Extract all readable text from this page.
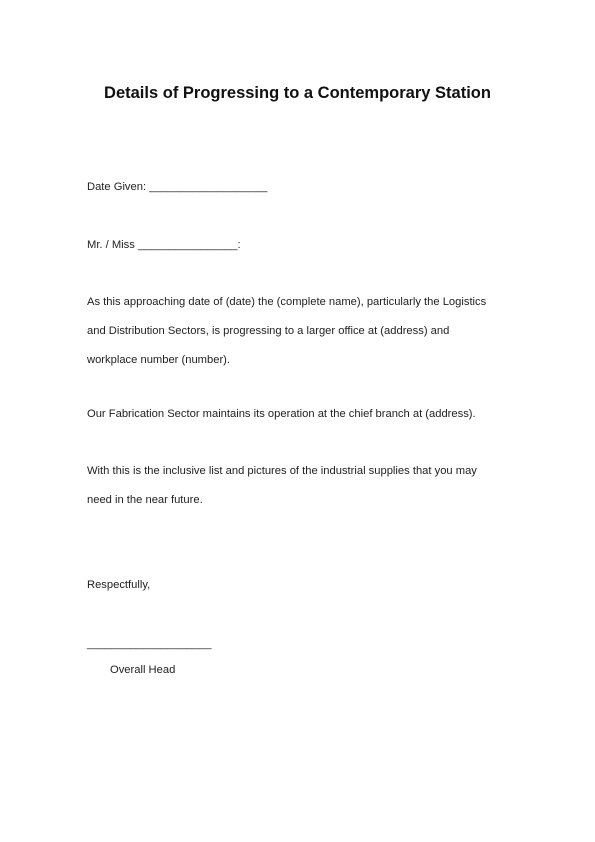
Details of Progressing to a Contemporary Station
Date Given: ___________________
Mr. / Miss ________________:
As this approaching date of (date) the (complete name), particularly the Logistics
and Distribution Sectors, is progressing to a larger office at (address) and
workplace number (number).
Our Fabrication Sector maintains its operation at the chief branch at (address).
With this is the inclusive list and pictures of the industrial supplies that you may
need in the near future.
Respectfully,
____________________
Overall Head
